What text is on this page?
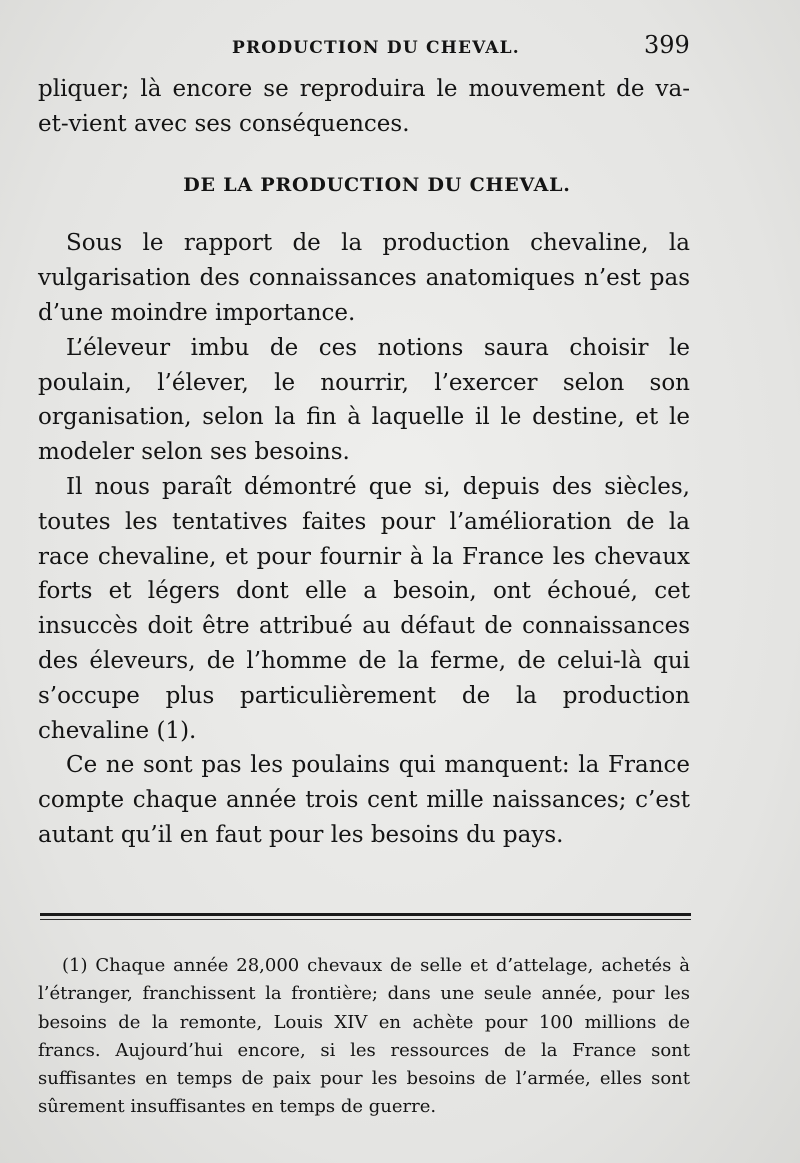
PRODUCTION DU CHEVAL.	399

pliquer; là encore se reproduira le mouvement de va-et-vient avec ses conséquences.

DE LA PRODUCTION DU CHEVAL.

Sous le rapport de la production chevaline, la vulgarisation des connaissances anatomiques n’est pas d’une moindre importance.

L’éleveur imbu de ces notions saura choisir le poulain, l’élever, le nourrir, l’exercer selon son organisation, selon la fin à laquelle il le destine, et le modeler selon ses besoins.

Il nous paraît démontré que si, depuis des siècles, toutes les tentatives faites pour l’amélioration de la race chevaline, et pour fournir à la France les chevaux forts et légers dont elle a besoin, ont échoué, cet insuccès doit être attribué au défaut de connaissances des éleveurs, de l’homme de la ferme, de celui-là qui s’occupe plus particulièrement de la production chevaline (1).

Ce ne sont pas les poulains qui manquent: la France compte chaque année trois cent mille naissances; c’est autant qu’il en faut pour les besoins du pays.

(1) Chaque année 28,000 chevaux de selle et d’attelage, achetés à l’étranger, franchissent la frontière; dans une seule année, pour les besoins de la remonte, Louis XIV en achète pour 100 millions de francs. Aujourd’hui encore, si les ressources de la France sont suffisantes en temps de paix pour les besoins de l’armée, elles sont sûrement insuffisantes en temps de guerre.
